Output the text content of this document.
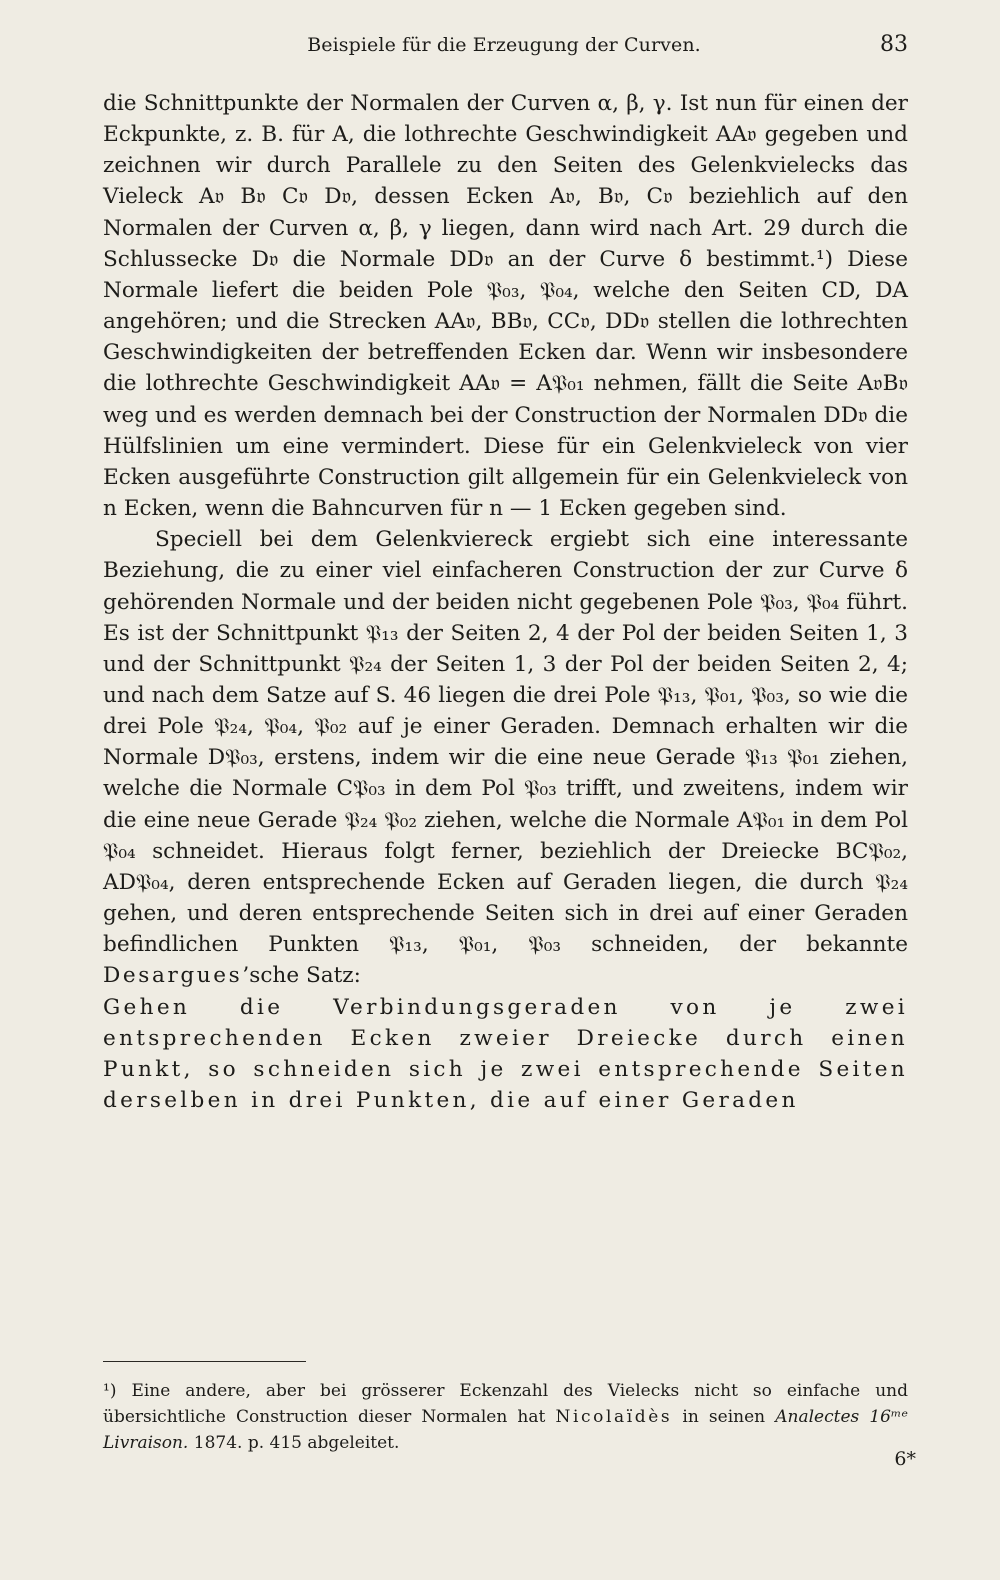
Beispiele für die Erzeugung der Curven.	83

die Schnittpunkte der Normalen der Curven α, β, γ. Ist nun für einen der Eckpunkte, z. B. für A, die lothrechte Geschwindigkeit AA𝔳 gegeben und zeichnen wir durch Parallele zu den Seiten des Gelenkvielecks das Vieleck A𝔳 B𝔳 C𝔳 D𝔳, dessen Ecken A𝔳, B𝔳, C𝔳 beziehlich auf den Normalen der Curven α, β, γ liegen, dann wird nach Art. 29 durch die Schlussecke D𝔳 die Normale DD𝔳 an der Curve δ bestimmt.¹) Diese Normale liefert die beiden Pole 𝔓₀₃, 𝔓₀₄, welche den Seiten CD, DA angehören; und die Strecken AA𝔳, BB𝔳, CC𝔳, DD𝔳 stellen die lothrechten Geschwindigkeiten der betreffenden Ecken dar. Wenn wir insbesondere die lothrechte Geschwindigkeit AA𝔳 = A𝔓₀₁ nehmen, fällt die Seite A𝔳B𝔳 weg und es werden demnach bei der Construction der Normalen DD𝔳 die Hülfslinien um eine vermindert. Diese für ein Gelenkvieleck von vier Ecken ausgeführte Construction gilt allgemein für ein Gelenkvieleck von n Ecken, wenn die Bahncurven für n — 1 Ecken gegeben sind.

Speciell bei dem Gelenkviereck ergiebt sich eine interessante Beziehung, die zu einer viel einfacheren Construction der zur Curve δ gehörenden Normale und der beiden nicht gegebenen Pole 𝔓₀₃, 𝔓₀₄ führt. Es ist der Schnittpunkt 𝔓₁₃ der Seiten 2, 4 der Pol der beiden Seiten 1, 3 und der Schnittpunkt 𝔓₂₄ der Seiten 1, 3 der Pol der beiden Seiten 2, 4; und nach dem Satze auf S. 46 liegen die drei Pole 𝔓₁₃, 𝔓₀₁, 𝔓₀₃, so wie die drei Pole 𝔓₂₄, 𝔓₀₄, 𝔓₀₂ auf je einer Geraden. Demnach erhalten wir die Normale D𝔓₀₃, erstens, indem wir die eine neue Gerade 𝔓₁₃ 𝔓₀₁ ziehen, welche die Normale C𝔓₀₃ in dem Pol 𝔓₀₃ trifft, und zweitens, indem wir die eine neue Gerade 𝔓₂₄ 𝔓₀₂ ziehen, welche die Normale A𝔓₀₁ in dem Pol 𝔓₀₄ schneidet. Hieraus folgt ferner, beziehlich der Dreiecke BC𝔓₀₂, AD𝔓₀₄, deren entsprechende Ecken auf Geraden liegen, die durch 𝔓₂₄ gehen, und deren entsprechende Seiten sich in drei auf einer Geraden befindlichen Punkten 𝔓₁₃, 𝔓₀₁, 𝔓₀₃ schneiden, der bekannte Desargues’sche Satz:

Gehen die Verbindungsgeraden von je zwei entsprechenden Ecken zweier Dreiecke durch einen Punkt, so schneiden sich je zwei entsprechende Seiten derselben in drei Punkten, die auf einer Geraden

¹) Eine andere, aber bei grösserer Eckenzahl des Vielecks nicht so einfache und übersichtliche Construction dieser Normalen hat Nicolaïdès in seinen Analectes 16ᵐᵉ Livraison. 1874. p. 415 abgeleitet.
6*
